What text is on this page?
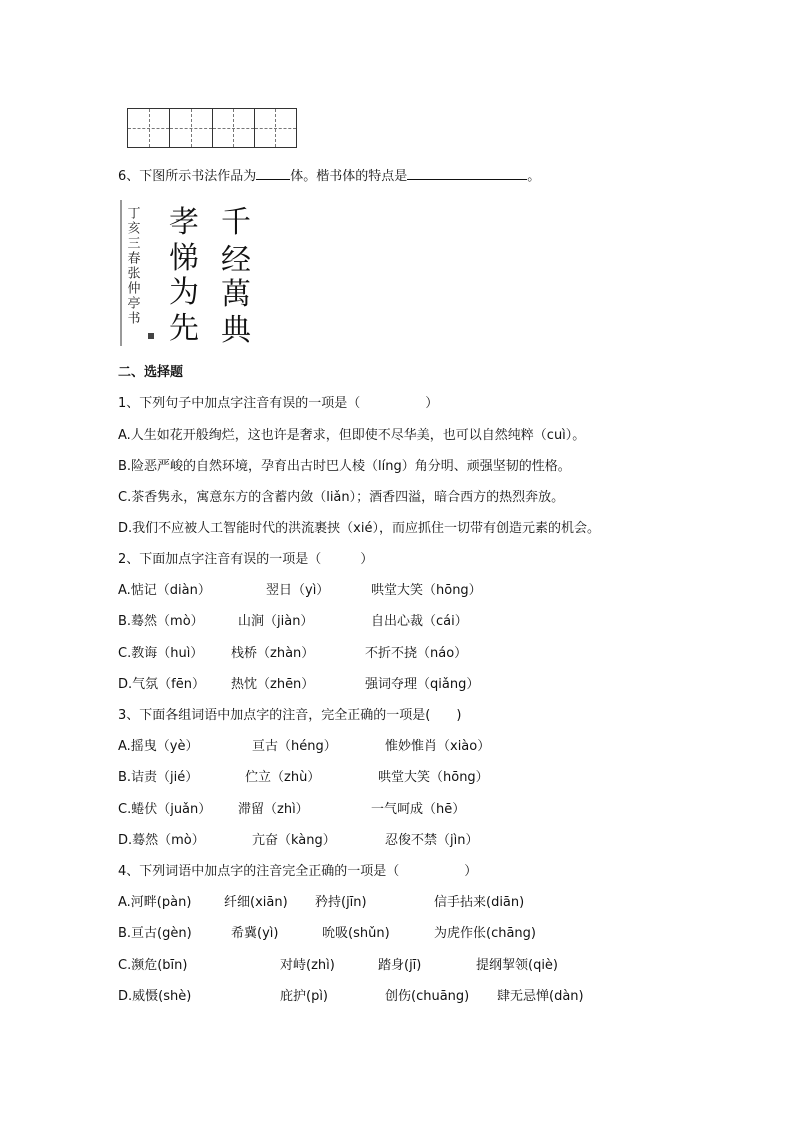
6、下图所示书法作品为	体。楷书体的特点是	。
千
经
萬
典
孝
悌
为
先
丁亥三春张仲亭书
二、选择题
1、下列句子中加点字注音有误的一项是（　　　　　）
A.人生如花开般绚烂，这也许是奢求，但即使不尽华美，也可以自然纯粹（cuì）。
B.险恶严峻的自然环境，孕育出古时巴人棱（líng）角分明、顽强坚韧的性格。
C.茶香隽永，寓意东方的含蓄内敛（liǎn）；酒香四溢，暗合西方的热烈奔放。
D.我们不应被人工智能时代的洪流裹挟（xié），而应抓住一切带有创造元素的机会。
2、下面加点字注音有误的一项是（　　　）
A.惦记（diàn）	翌日（yì）	哄堂大笑（hōng）
B.蓦然（mò）	山涧（jiàn）	自出心裁（cái）
C.教诲（huì） 栈桥（zhàn）	不折不挠（náo）
D.气氛（fēn） 热忱（zhēn）	强词夺理（qiǎng）
3、下面各组词语中加点字的注音，完全正确的一项是(　　)
A.摇曳（yè）	亘古（héng）	惟妙惟肖（xiào）
B.诘责（jié）	伫立（zhù）	哄堂大笑（hōng）
C.蜷伏（juǎn） 滞留（zhì）	一气呵成（hē）
D.蓦然（mò）	亢奋（kàng）	忍俊不禁（jìn）
4、下列词语中加点字的注音完全正确的一项是（　　　　　）
A.河畔(pàn)	纤细(xiān) 矜持(jīn)	信手拈来(diān)
B.亘古(gèn)	希冀(yì)	吮吸(shǔn)	为虎作伥(chāng)
C.濒危(bīn)	对峙(zhì)	踏身(jī)	提纲挈领(qiè)
D.威慑(shè)	庇护(pì)	创伤(chuāng) 肆无忌惮(dàn)
